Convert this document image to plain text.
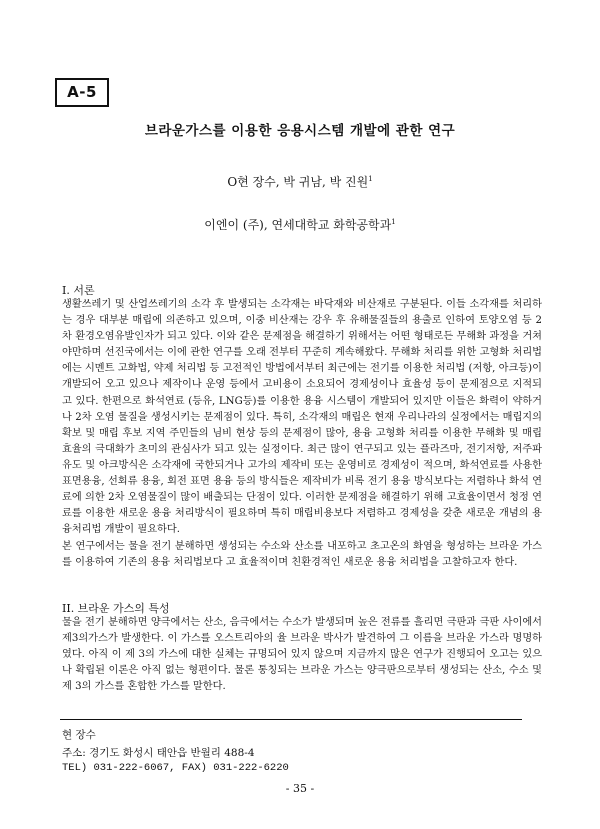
A-5
브라운가스를 이용한 응용시스템 개발에 관한 연구
O현 장수, 박 귀남, 박 진원$^1$
이엔이 (주), 연세대학교 화학공학과$^1$
I. 서론

생활쓰레기 및 산업쓰레기의 소각 후 발생되는 소각재는 바닥재와 비산재로 구분된다. 이들 소각재를 처리하는 경우 대부분 매립에 의존하고 있으며, 이중 비산재는 강우 후 유해물질들의 용출로 인하여 토양오염 등 2차 환경오염유발인자가 되고 있다. 이와 같은 문제점을 해결하기 위해서는 어떤 형태로든 무해화 과정을 거쳐야만하며 선진국에서는 이에 관한 연구를 오래 전부터 꾸준히 계속해왔다. 무해화 처리를 위한 고형화 처리법에는 시멘트 고화법, 약제 처리법 등 고전적인 방법에서부터 최근에는 전기를 이용한 처리법 (저항, 아크등)이 개발되어 오고 있으나 제작이나 운영 등에서 고비용이 소요되어 경제성이나 효율성 등이 문제점으로 지적되고 있다. 한편으로 화석연료 (등유, LNG등)를 이용한 용융 시스템이 개발되어 있지만 이들은 화력이 약하거나 2차 오염 물질을 생성시키는 문제점이 있다. 특히, 소각재의 매립은 현재 우리나라의 실정에서는 매립지의 확보 및 매립 후보 지역 주민들의 님비 현상 등의 문제점이 많아, 용융 고형화 처리를 이용한 무해화 및 매립 효율의 극대화가 초미의 관심사가 되고 있는 실정이다. 최근 많이 연구되고 있는 플라즈마, 전기저항, 저주파 유도 및 아크방식은 소각재에 국한되거나 고가의 제작비 또는 운영비로 경제성이 적으며, 화석연료를 사용한 표면용융, 선회류 용융, 회전 표면 용융 등의 방식들은 제작비가 비록 전기 용융 방식보다는 저렴하나 화석 연료에 의한 2차 오염물질이 많이 배출되는 단점이 있다. 이러한 문제점을 해결하기 위해 고효율이면서 청정 연료를 이용한 새로운 용융 처리방식이 필요하며 특히 매립비용보다 저렴하고 경제성을 갖춘 새로운 개념의 용융처리법 개발이 필요하다.

본 연구에서는 물을 전기 분해하면 생성되는 수소와 산소를 내포하고 초고온의 화염을 형성하는 브라운 가스를 이용하여 기존의 용융 처리법보다 고 효율적이며 친환경적인 새로운 용융 처리법을 고찰하고자 한다.

II. 브라운 가스의 특성

물을 전기 분해하면 양극에서는 산소, 음극에서는 수소가 발생되며 높은 전류를 흘리면 극판과 극판 사이에서 제3의가스가 발생한다. 이 가스를 오스트리아의 율 브라운 박사가 발견하여 그 이름을 브라운 가스라 명명하였다. 아직 이 제 3의 가스에 대한 실체는 규명되어 있지 않으며 지금까지 많은 연구가 진행되어 오고는 있으나 확립된 이론은 아직 없는 형편이다. 물론 통칭되는 브라운 가스는 양극판으로부터 생성되는 산소, 수소 및 제 3의 가스를 혼합한 가스를 말한다.

현 장수
주소: 경기도 화성시 태안읍 반월리 488-4
TEL) 031-222-6067, FAX) 031-222-6220
- 35 -
